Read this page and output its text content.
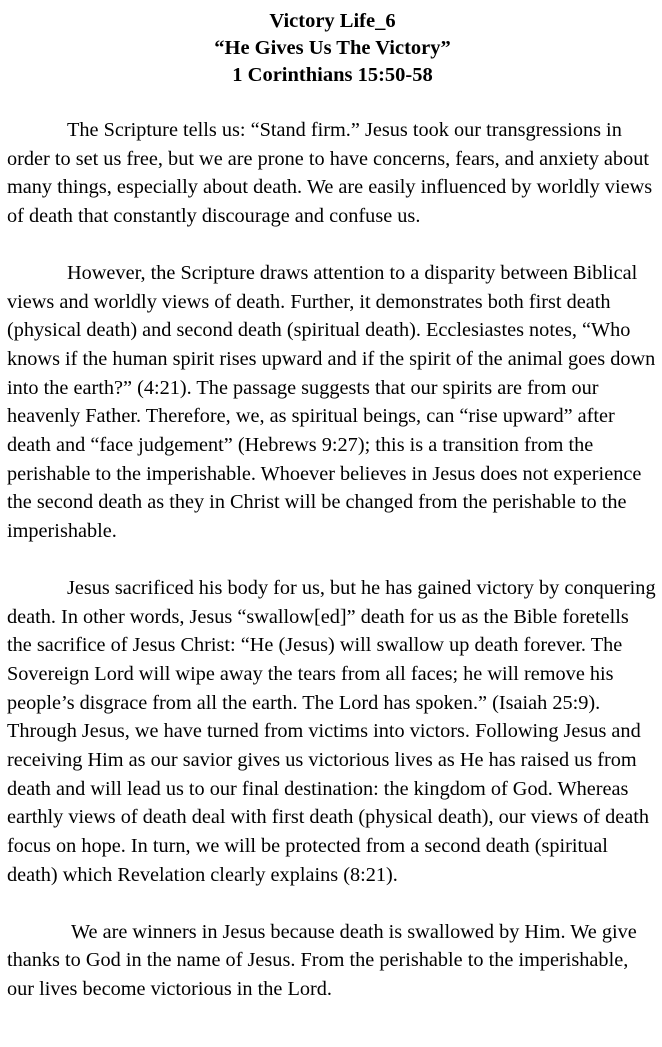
Victory Life_6
“He Gives Us The Victory”
1 Corinthians 15:50-58

The Scripture tells us: “Stand firm.” Jesus took our transgressions in order to set us free, but we are prone to have concerns, fears, and anxiety about many things, especially about death. We are easily influenced by worldly views of death that constantly discourage and confuse us.

However, the Scripture draws attention to a disparity between Biblical views and worldly views of death. Further, it demonstrates both first death (physical death) and second death (spiritual death). Ecclesiastes notes, “Who knows if the human spirit rises upward and if the spirit of the animal goes down into the earth?” (4:21). The passage suggests that our spirits are from our heavenly Father. Therefore, we, as spiritual beings, can “rise upward” after death and “face judgement” (Hebrews 9:27); this is a transition from the perishable to the imperishable. Whoever believes in Jesus does not experience the second death as they in Christ will be changed from the perishable to the imperishable.

Jesus sacrificed his body for us, but he has gained victory by conquering death. In other words, Jesus “swallow[ed]” death for us as the Bible foretells the sacrifice of Jesus Christ: “He (Jesus) will swallow up death forever. The Sovereign Lord will wipe away the tears from all faces; he will remove his people’s disgrace from all the earth. The Lord has spoken.” (Isaiah 25:9). Through Jesus, we have turned from victims into victors. Following Jesus and receiving Him as our savior gives us victorious lives as He has raised us from death and will lead us to our final destination: the kingdom of God. Whereas earthly views of death deal with first death (physical death), our views of death focus on hope. In turn, we will be protected from a second death (spiritual death) which Revelation clearly explains (8:21).

We are winners in Jesus because death is swallowed by Him. We give thanks to God in the name of Jesus. From the perishable to the imperishable, our lives become victorious in the Lord.
